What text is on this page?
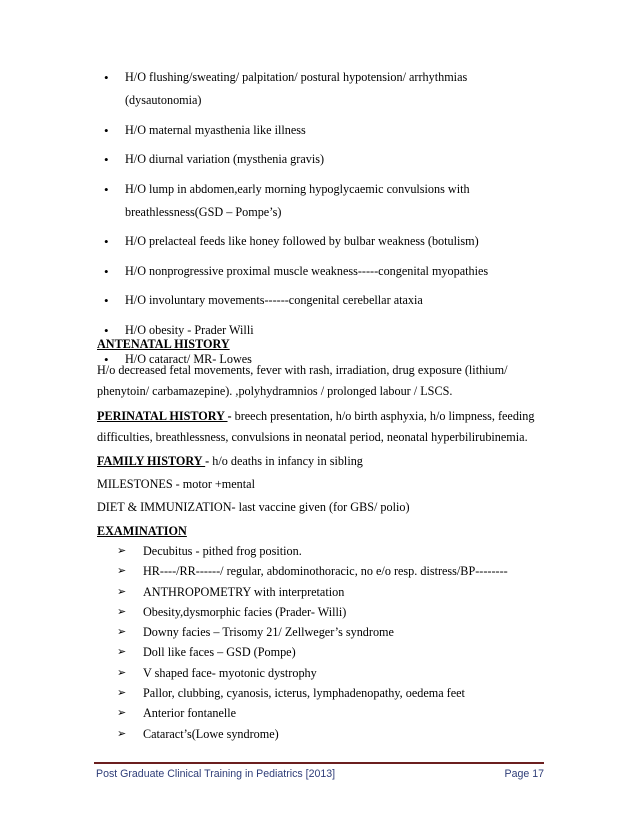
• H/O flushing/sweating/ palpitation/ postural hypotension/ arrhythmias (dysautonomia)
• H/O maternal myasthenia like illness
• H/O diurnal variation (mysthenia gravis)
• H/O lump in abdomen,early morning hypoglycaemic convulsions with breathlessness(GSD – Pompe’s)
• H/O prelacteal feeds like honey followed by bulbar weakness (botulism)
• H/O nonprogressive proximal muscle weakness-----congenital myopathies
• H/O involuntary movements------congenital cerebellar ataxia
• H/O obesity - Prader Willi
• H/O cataract/ MR- Lowes
ANTENATAL HISTORY
H/o decreased fetal movements, fever with rash, irradiation, drug exposure (lithium/ phenytoin/ carbamazepine). ,polyhydramnios / prolonged labour / LSCS.
PERINATAL HISTORY - breech presentation, h/o birth asphyxia, h/o limpness, feeding difficulties, breathlessness, convulsions in neonatal period, neonatal hyperbilirubinemia.
FAMILY HISTORY - h/o deaths in infancy in sibling
MILESTONES - motor +mental
DIET & IMMUNIZATION- last vaccine given (for GBS/ polio)
EXAMINATION
➢ Decubitus - pithed frog position.
➢ HR----/RR------/ regular, abdominothoracic, no e/o resp. distress/BP--------
➢ ANTHROPOMETRY with interpretation
➢ Obesity,dysmorphic facies (Prader- Willi)
➢ Downy facies – Trisomy 21/ Zellweger’s syndrome
➢ Doll like faces – GSD (Pompe)
➢ V shaped face- myotonic dystrophy
➢ Pallor, clubbing, cyanosis, icterus, lymphadenopathy, oedema feet
➢ Anterior fontanelle
➢ Cataract’s(Lowe syndrome)
Post Graduate Clinical Training in Pediatrics [2013]	Page 17
